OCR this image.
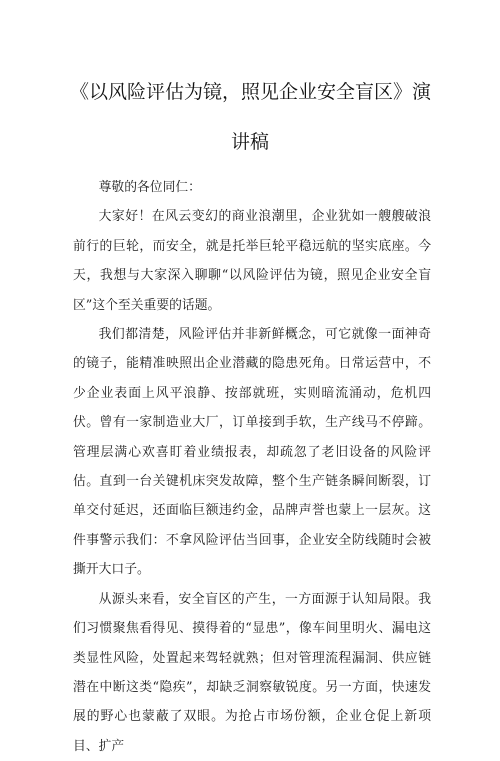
《以风险评估为镜，照见企业安全盲区》演
讲稿

尊敬的各位同仁：

大家好！在风云变幻的商业浪潮里，企业犹如一艘艘破浪前行的巨轮，而安全，就是托举巨轮平稳远航的坚实底座。今天，我想与大家深入聊聊“以风险评估为镜，照见企业安全盲区”这个至关重要的话题。

我们都清楚，风险评估并非新鲜概念，可它就像一面神奇的镜子，能精准映照出企业潜藏的隐患死角。日常运营中，不少企业表面上风平浪静、按部就班，实则暗流涌动，危机四伏。曾有一家制造业大厂，订单接到手软，生产线马不停蹄。管理层满心欢喜盯着业绩报表，却疏忽了老旧设备的风险评估。直到一台关键机床突发故障，整个生产链条瞬间断裂，订单交付延迟，还面临巨额违约金，品牌声誉也蒙上一层灰。这件事警示我们：不拿风险评估当回事，企业安全防线随时会被撕开大口子。

从源头来看，安全盲区的产生，一方面源于认知局限。我们习惯聚焦看得见、摸得着的“显患”，像车间里明火、漏电这类显性风险，处置起来驾轻就熟；但对管理流程漏洞、供应链潜在中断这类“隐疾”，却缺乏洞察敏锐度。另一方面，快速发展的野心也蒙蔽了双眼。为抢占市场份额，企业仓促上新项目、扩产
